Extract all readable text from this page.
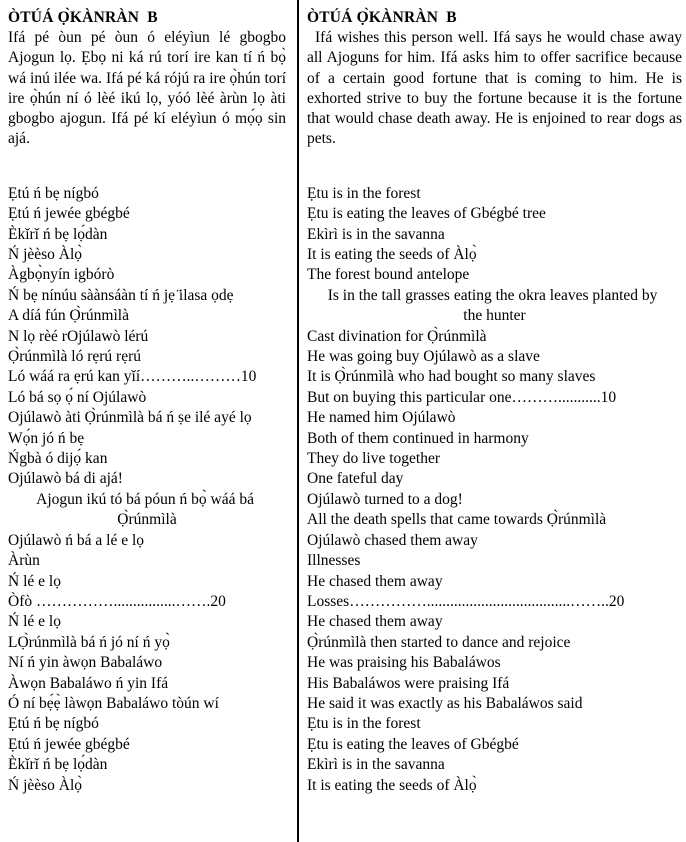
ÒTÚÁ Ọ̀KÀNRÀN  B

Ifá pé òun pé òun ó eléyìun lé gbogbo Ajogun lọ. Ẹbọ ni ká rú torí ire kan tí ń bọ̀ wá inú ilée wa. Ifá pé ká rójú ra ire ọ̀hún torí ire ọ̀hún ní ó lèé ikú lọ, yóó lèé àrùn lọ àti gbogbo ajogun. Ifá pé kí eléyìun ó mọ́ọ sin ajá.

Ẹtú ń bẹ nígbó
Ẹtú ń jewée gbégbé
Èkǐrǐ ń bẹ lọ́dàn
Ń jèèso Àlọ̀
Àgbọ̀nyín igbórò
Ń bẹ nínúu sàànsáàn tí ń jẹ ̈ilasa ọdẹ
A díá fún Ọ̀rúnmìlà
N lọ rèé rOjúlawò lérú
Ọ̀rúnmìlà ló rẹrú rẹrú
Ló wáá ra ẹrú kan yǐí………..………10
Ló bá sọ ọ́ ní Ojúlawò
Ojúlawò àti Ọ̀rúnmìlà bá ń ṣe ilé ayé lọ
Wọ́n jó ń bẹ
Ńgbà ó dijọ́ kan
Ojúlawò bá di ajá!
Ajogun ikú tó bá póun ń bọ̀ wáá bá
Ọ̀rúnmìlà
Ojúlawò ń bá a lé e lọ
Àrùn
Ń lé e lọ
Òfò ……………................…….20
Ń lé e lọ
LỌ̀rúnmìlà bá ń jó ní ń yọ̀
Ní ń yin àwọn Babaláwo
Àwọn Babaláwo ń yin Ifá
Ó ní bẹ́ẹ̀ làwọn Babaláwo tòún wí
Ẹtú ń bẹ nígbó
Ẹtú ń jewée gbégbé
Èkǐrǐ ń bẹ lọ́dàn
Ń jèèso Àlọ̀
ÒTÚÁ Ọ̀KÀNRÀN  B

Ifá wishes this person well. Ifá says he would chase away all Ajoguns for him. Ifá asks him to offer sacrifice because of a certain good fortune that is coming to him. He is exhorted strive to buy the fortune because it is the fortune that would chase death away. He is enjoined to rear dogs as pets.

Ẹtu is in the forest
Ẹtu is eating the leaves of Gbégbé tree
Ekìrì is in the savanna
It is eating the seeds of Àlọ̀
The forest bound antelope
Is in the tall grasses eating the okra leaves planted by
the hunter
Cast divination for Ọ̀rúnmìlà
He was going buy Ojúlawò as a slave
It is Ọ̀rúnmìlà who had bought so many slaves
But on buying this particular one………...........10
He named him Ojúlawò
Both of them continued in harmony
They do live together
One fateful day
Ojúlawò turned to a dog!
All the death spells that came towards Ọ̀rúnmìlà
Ojúlawò chased them away
Illnesses
He chased them away
Losses…………….....................................……..20
He chased them away
Ọ̀rúnmìlà then started to dance and rejoice
He was praising his Babaláwos
His Babaláwos were praising Ifá
He said it was exactly as his Babaláwos said
Ẹtu is in the forest
Ẹtu is eating the leaves of Gbégbé
Ekìrì is in the savanna
It is eating the seeds of Àlọ̀
